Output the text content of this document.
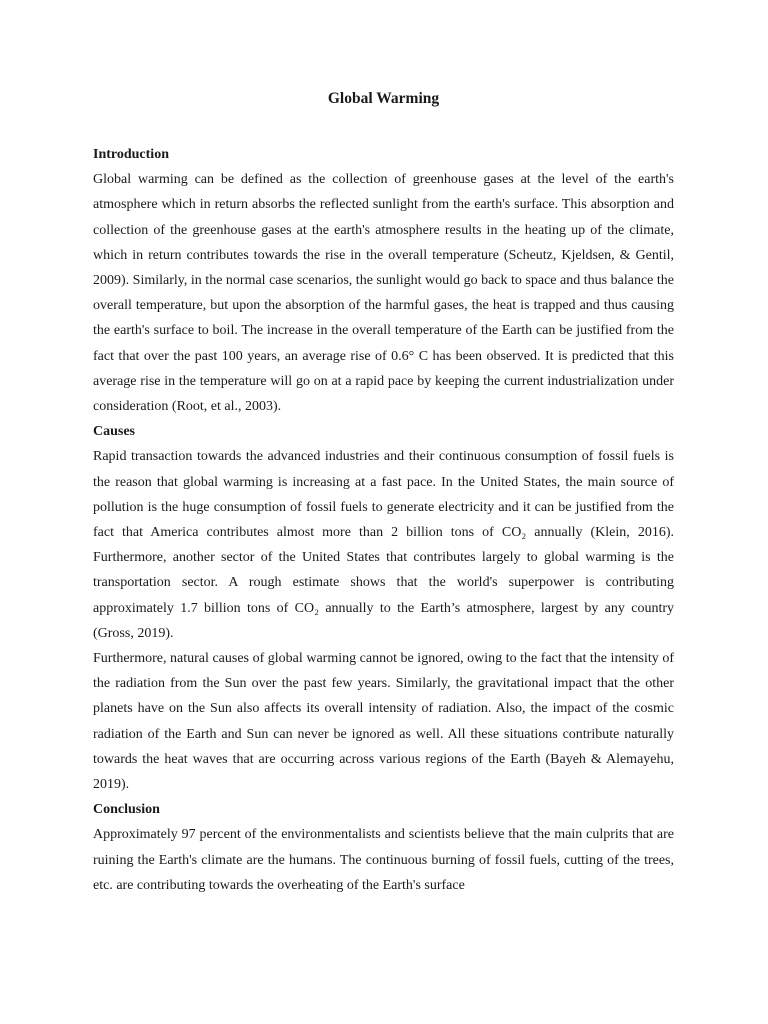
Global Warming
Introduction

Global warming can be defined as the collection of greenhouse gases at the level of the earth's atmosphere which in return absorbs the reflected sunlight from the earth's surface. This absorption and collection of the greenhouse gases at the earth's atmosphere results in the heating up of the climate, which in return contributes towards the rise in the overall temperature (Scheutz, Kjeldsen, & Gentil, 2009). Similarly, in the normal case scenarios, the sunlight would go back to space and thus balance the overall temperature, but upon the absorption of the harmful gases, the heat is trapped and thus causing the earth's surface to boil. The increase in the overall temperature of the Earth can be justified from the fact that over the past 100 years, an average rise of 0.6° C has been observed. It is predicted that this average rise in the temperature will go on at a rapid pace by keeping the current industrialization under consideration (Root, et al., 2003).

Causes

Rapid transaction towards the advanced industries and their continuous consumption of fossil fuels is the reason that global warming is increasing at a fast pace. In the United States, the main source of pollution is the huge consumption of fossil fuels to generate electricity and it can be justified from the fact that America contributes almost more than 2 billion tons of CO₂ annually (Klein, 2016). Furthermore, another sector of the United States that contributes largely to global warming is the transportation sector. A rough estimate shows that the world's superpower is contributing approximately 1.7 billion tons of CO₂ annually to the Earth’s atmosphere, largest by any country (Gross, 2019).

Furthermore, natural causes of global warming cannot be ignored, owing to the fact that the intensity of the radiation from the Sun over the past few years. Similarly, the gravitational impact that the other planets have on the Sun also affects its overall intensity of radiation. Also, the impact of the cosmic radiation of the Earth and Sun can never be ignored as well. All these situations contribute naturally towards the heat waves that are occurring across various regions of the Earth (Bayeh & Alemayehu, 2019).

Conclusion

Approximately 97 percent of the environmentalists and scientists believe that the main culprits that are ruining the Earth's climate are the humans. The continuous burning of fossil fuels, cutting of the trees, etc. are contributing towards the overheating of the Earth's surface
